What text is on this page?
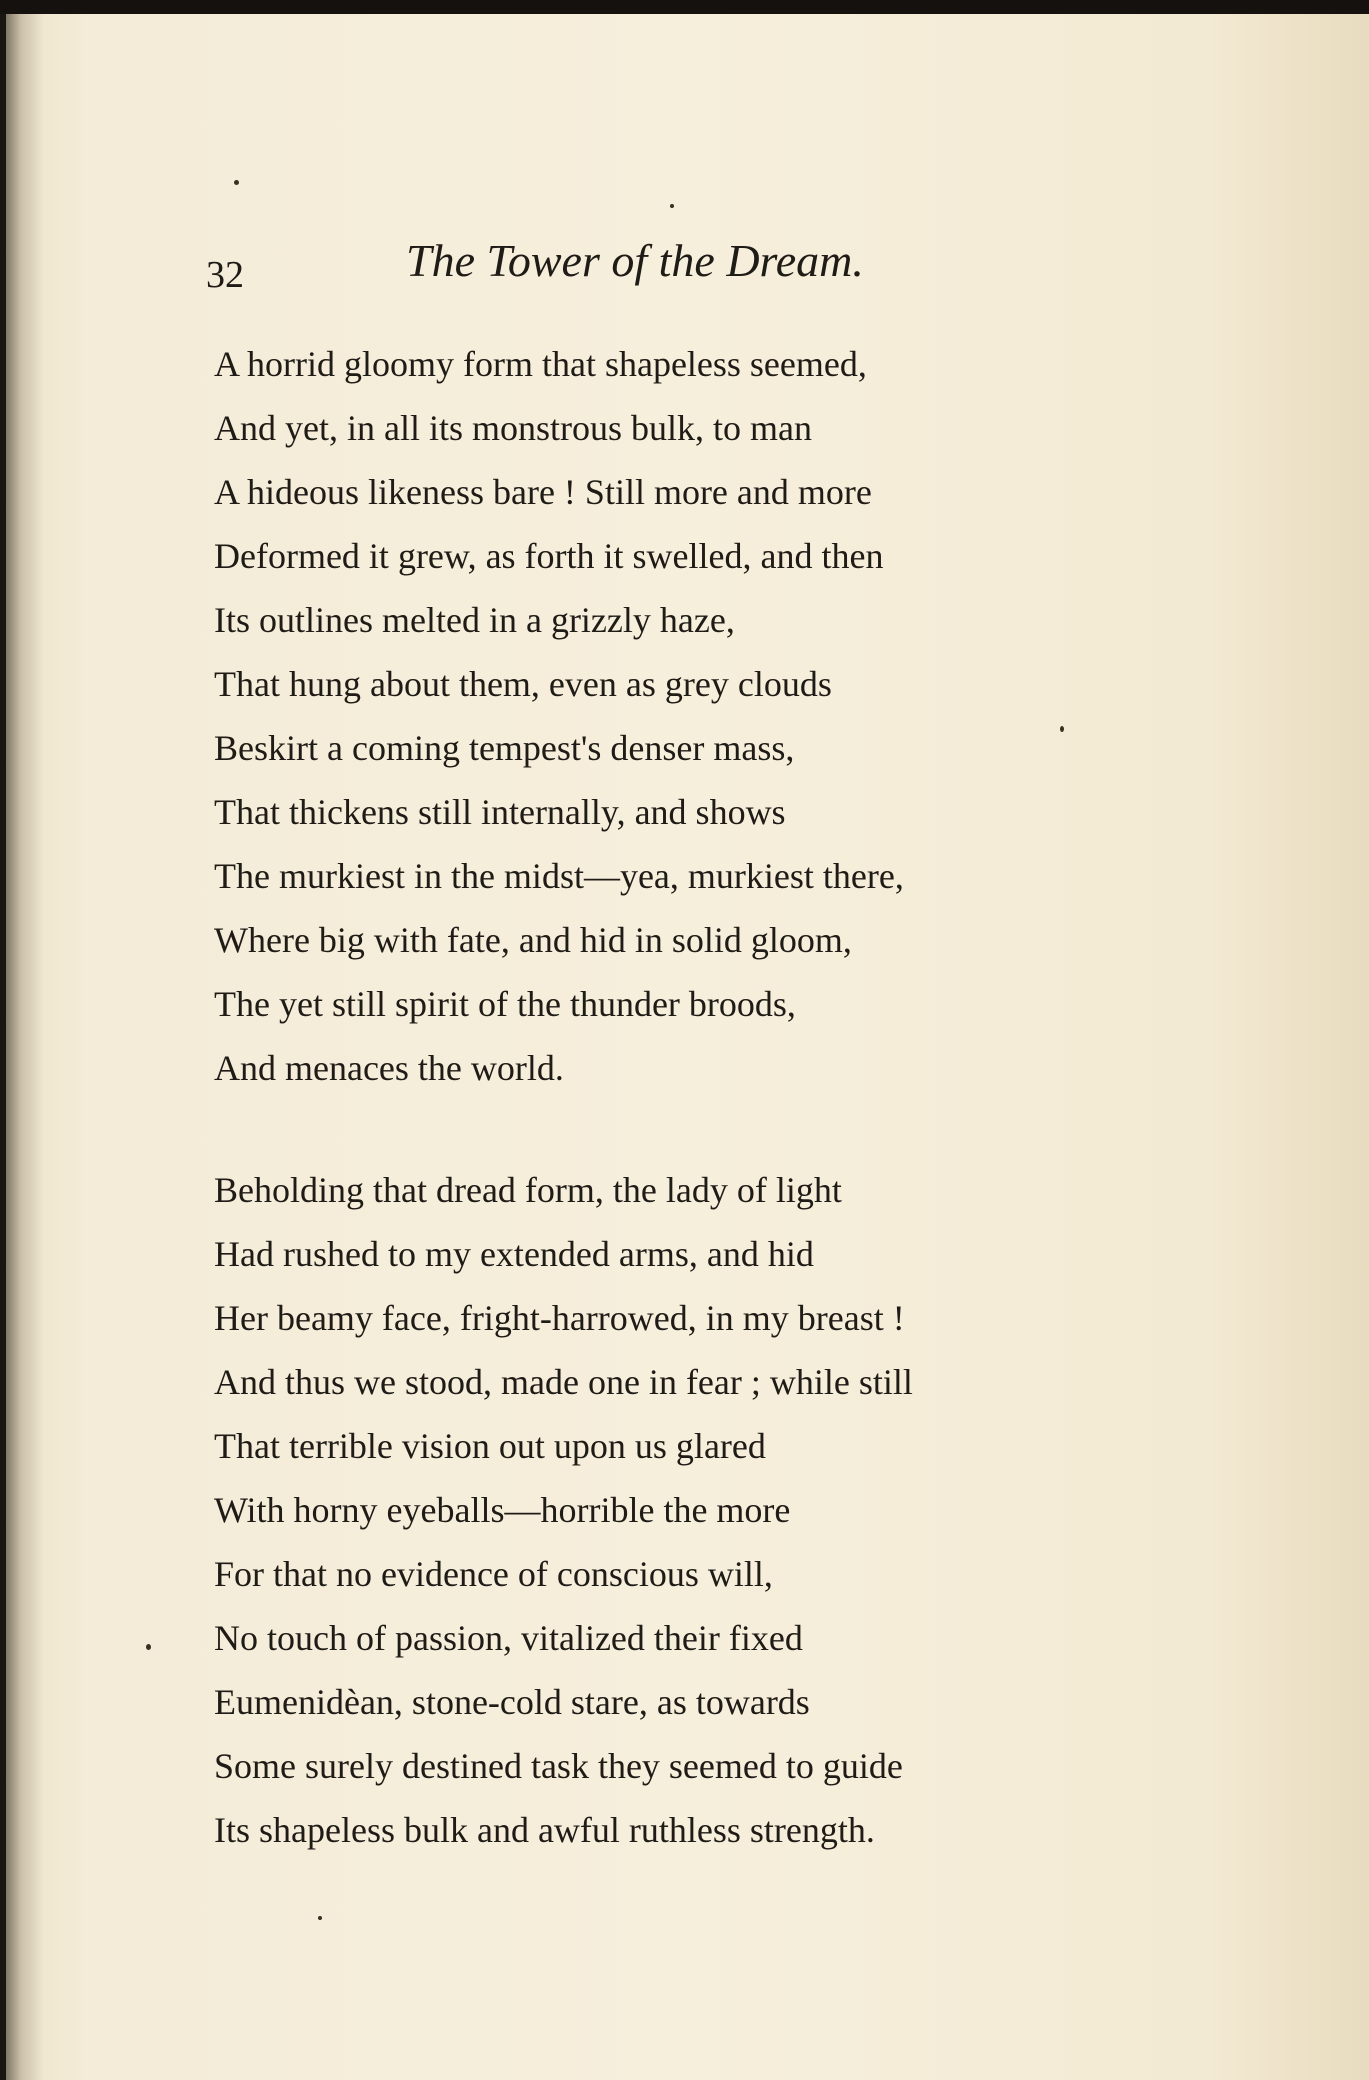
32	The Tower of the Dream.
A horrid gloomy form that shapeless seemed,
And yet, in all its monstrous bulk, to man
A hideous likeness bare ! Still more and more
Deformed it grew, as forth it swelled, and then
Its outlines melted in a grizzly haze,
That hung about them, even as grey clouds
Beskirt a coming tempest's denser mass,
That thickens still internally, and shows
The murkiest in the midst—yea, murkiest there,
Where big with fate, and hid in solid gloom,
The yet still spirit of the thunder broods,
And menaces the world.
Beholding that dread form, the lady of light
Had rushed to my extended arms, and hid
Her beamy face, fright-harrowed, in my breast !
And thus we stood, made one in fear ; while still
That terrible vision out upon us glared
With horny eyeballs—horrible the more
For that no evidence of conscious will,
No touch of passion, vitalized their fixed
Eumenidèan, stone-cold stare, as towards
Some surely destined task they seemed to guide
Its shapeless bulk and awful ruthless strength.
